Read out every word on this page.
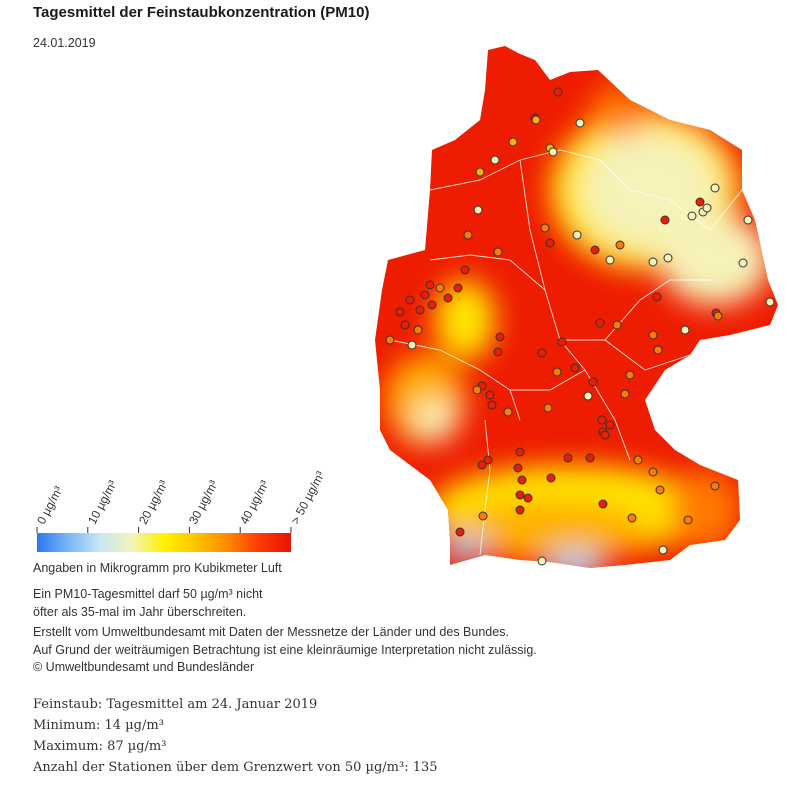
Tagesmittel der Feinstaubkonzentration (PM10)
24.01.2019
0 µg/m³ 10 µg/m³ 20 µg/m³ 30 µg/m³ 40 µg/m³ > 50 µg/m³
Angaben in Mikrogramm pro Kubikmeter Luft
Ein PM10-Tagesmittel darf 50 µg/m³ nicht
öfter als 35-mal im Jahr überschreiten.
Erstellt vom Umweltbundesamt mit Daten der Messnetze der Länder und des Bundes.
Auf Grund der weiträumigen Betrachtung ist eine kleinräumige Interpretation nicht zulässig.
© Umweltbundesamt und Bundesländer
Feinstaub: Tagesmittel am 24. Januar 2019
Minimum: 14 µg/m³
Maximum: 87 µg/m³
Anzahl der Stationen über dem Grenzwert von 50 µg/m³: 135
